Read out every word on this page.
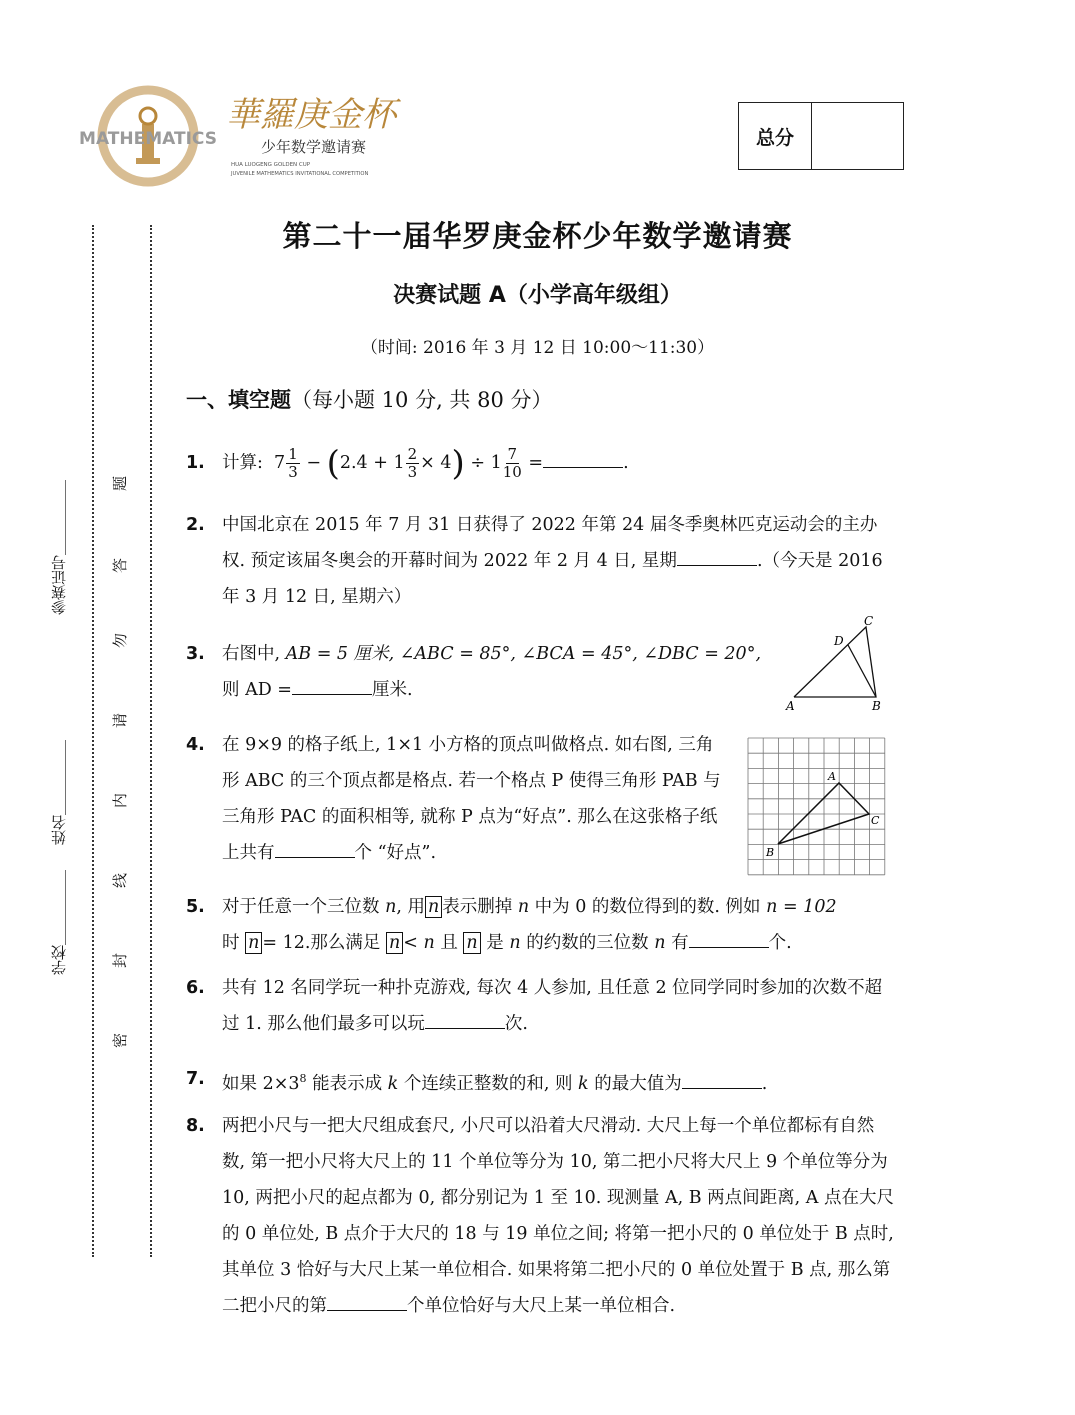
MATHEMATICS
華羅庚金杯
少年数学邀请赛
HUA LUOGENG GOLDEN CUP
JUVENILE MATHEMATICS INVITATIONAL COMPETITION
总分
学校＿＿＿＿＿
姓名＿＿＿＿＿
参赛证号＿＿＿＿＿
密
封
线
内
请
勿
答
题
第二十一届华罗庚金杯少年数学邀请赛
决赛试题 A（小学高年级组）
（时间: 2016 年 3 月 12 日 10:00～11:30）
一、填空题（每小题 10 分, 共 80 分）
1. 计算: $7 \frac{1}{3} - (2.4 + 1 \frac{2}{3} \times 4) \div 1 \frac{7}{10}$ =	.
2. 中国北京在 2015 年 7 月 31 日获得了 2022 年第 24 届冬季奥林匹克运动会的主办权. 预定该届冬奥会的开幕时间为 2022 年 2 月 4 日, 星期	.（今天是 2016 年 3 月 12 日, 星期六）
3. 右图中, AB = 5 厘米, ∠ABC = 85°, ∠BCA = 45°, ∠DBC = 20°,
则 AD =	厘米.
A	B
C
D
4. 在 9×9 的格子纸上, 1×1 小方格的顶点叫做格点. 如右图, 三角形 ABC 的三个顶点都是格点. 若一个格点 P 使得三角形 PAB 与三角形 PAC 的面积相等, 就称 P 点为“好点”. 那么在这张格子纸上共有	个 “好点”.
A
B
C
5. 对于任意一个三位数 n, 用 n 表示删掉 n 中为 0 的数位得到的数. 例如 n = 102
时 n = 12.那么满足 n < n 且 n 是 n 的约数的三位数 n 有	个.
6. 共有 12 名同学玩一种扑克游戏, 每次 4 人参加, 且任意 2 位同学同时参加的次数不超过 1. 那么他们最多可以玩	次.
7. 如果 $2\times 3^8$ 能表示成 k 个连续正整数的和, 则 k 的最大值为	.
8. 两把小尺与一把大尺组成套尺, 小尺可以沿着大尺滑动. 大尺上每一个单位都标有自然数, 第一把小尺将大尺上的 11 个单位等分为 10, 第二把小尺将大尺上 9 个单位等分为 10, 两把小尺的起点都为 0, 都分别记为 1 至 10. 现测量 A, B 两点间距离, A 点在大尺的 0 单位处, B 点介于大尺的 18 与 19 单位之间; 将第一把小尺的 0 单位处于 B 点时, 其单位 3 恰好与大尺上某一单位相合. 如果将第二把小尺的 0 单位处置于 B 点, 那么第二把小尺的第	个单位恰好与大尺上某一单位相合.
